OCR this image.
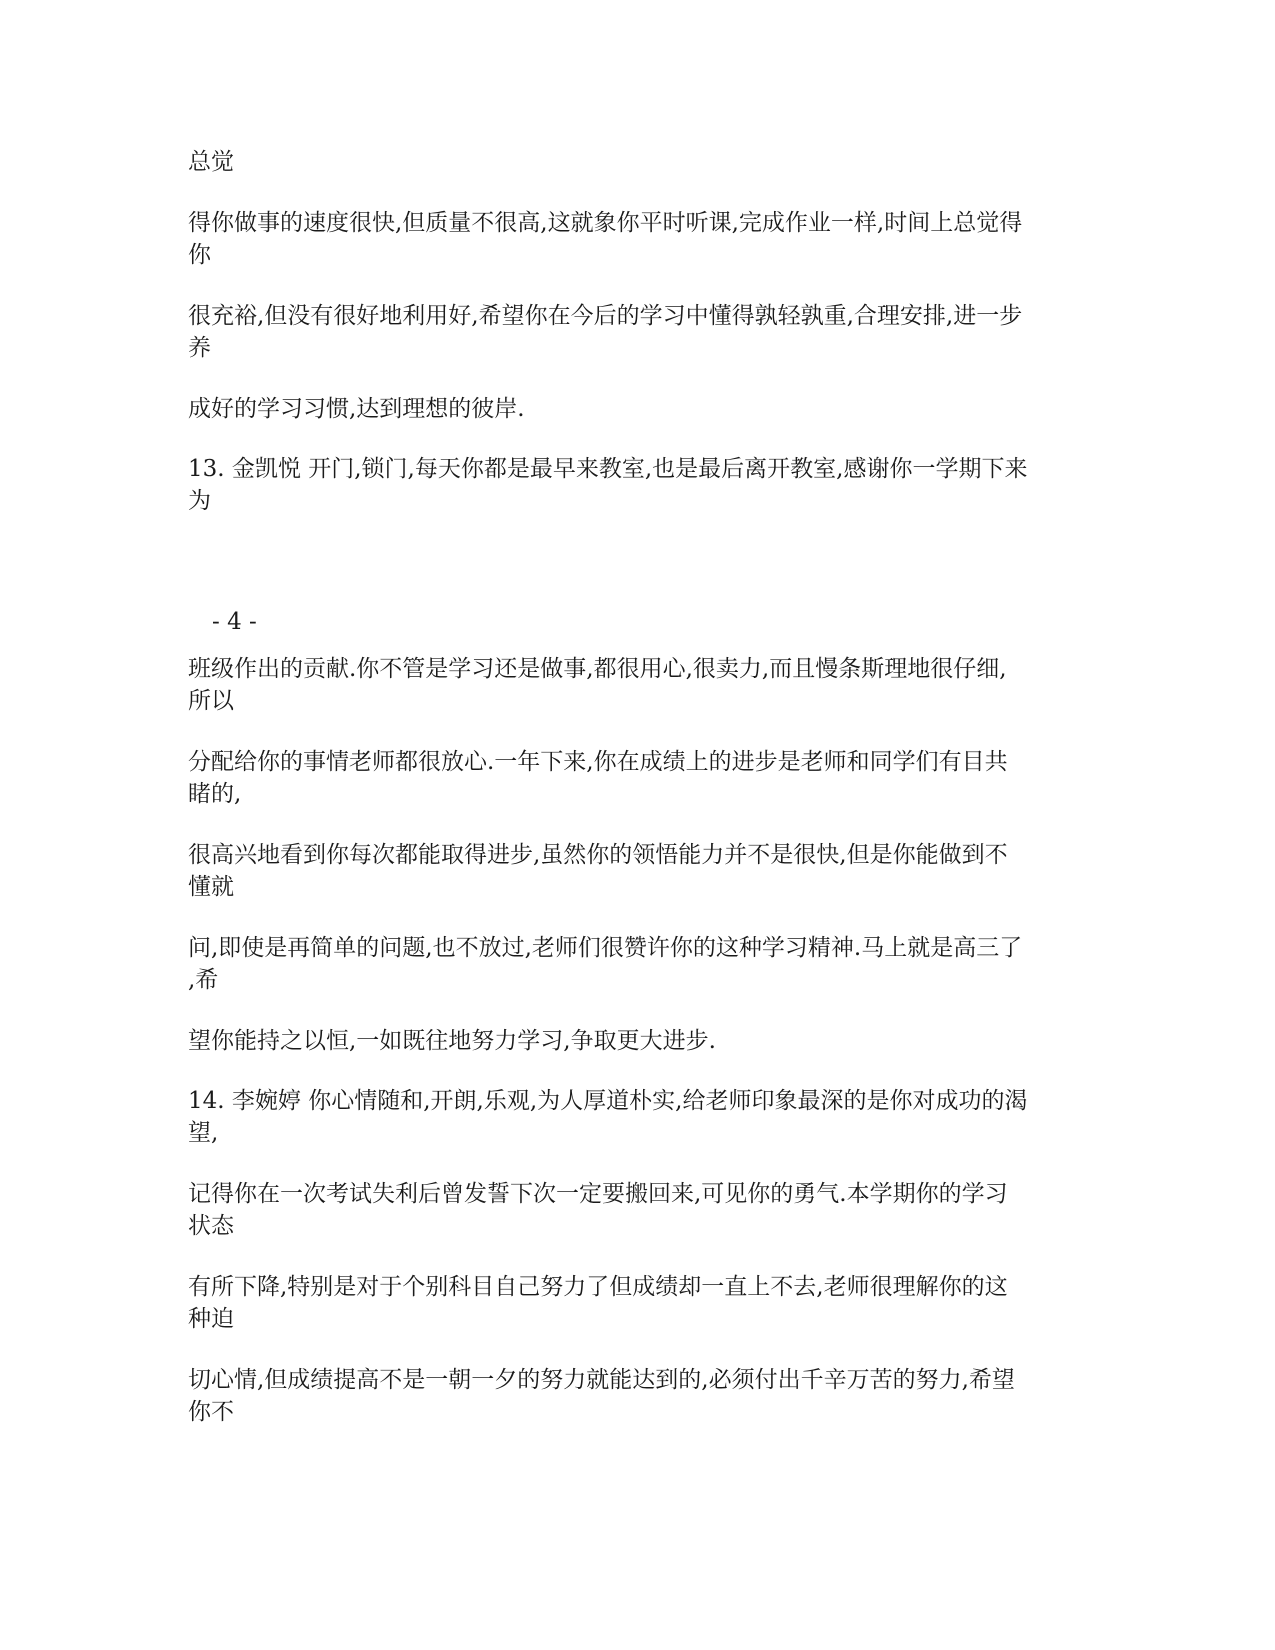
总觉

得你做事的速度很快,但质量不很高,这就象你平时听课,完成作业一样,时间上总觉得
你

很充裕,但没有很好地利用好,希望你在今后的学习中懂得孰轻孰重,合理安排,进一步
养

成好的学习习惯,达到理想的彼岸.

13. 金凯悦 开门,锁门,每天你都是最早来教室,也是最后离开教室,感谢你一学期下来
为

- 4 -

班级作出的贡献.你不管是学习还是做事,都很用心,很卖力,而且慢条斯理地很仔细,
所以

分配给你的事情老师都很放心.一年下来,你在成绩上的进步是老师和同学们有目共
睹的,

很高兴地看到你每次都能取得进步,虽然你的领悟能力并不是很快,但是你能做到不
懂就

问,即使是再简单的问题,也不放过,老师们很赞许你的这种学习精神.马上就是高三了
,希

望你能持之以恒,一如既往地努力学习,争取更大进步.

14. 李婉婷 你心情随和,开朗,乐观,为人厚道朴实,给老师印象最深的是你对成功的渴
望,

记得你在一次考试失利后曾发誓下次一定要搬回来,可见你的勇气.本学期你的学习
状态

有所下降,特别是对于个别科目自己努力了但成绩却一直上不去,老师很理解你的这
种迫

切心情,但成绩提高不是一朝一夕的努力就能达到的,必须付出千辛万苦的努力,希望
你不
